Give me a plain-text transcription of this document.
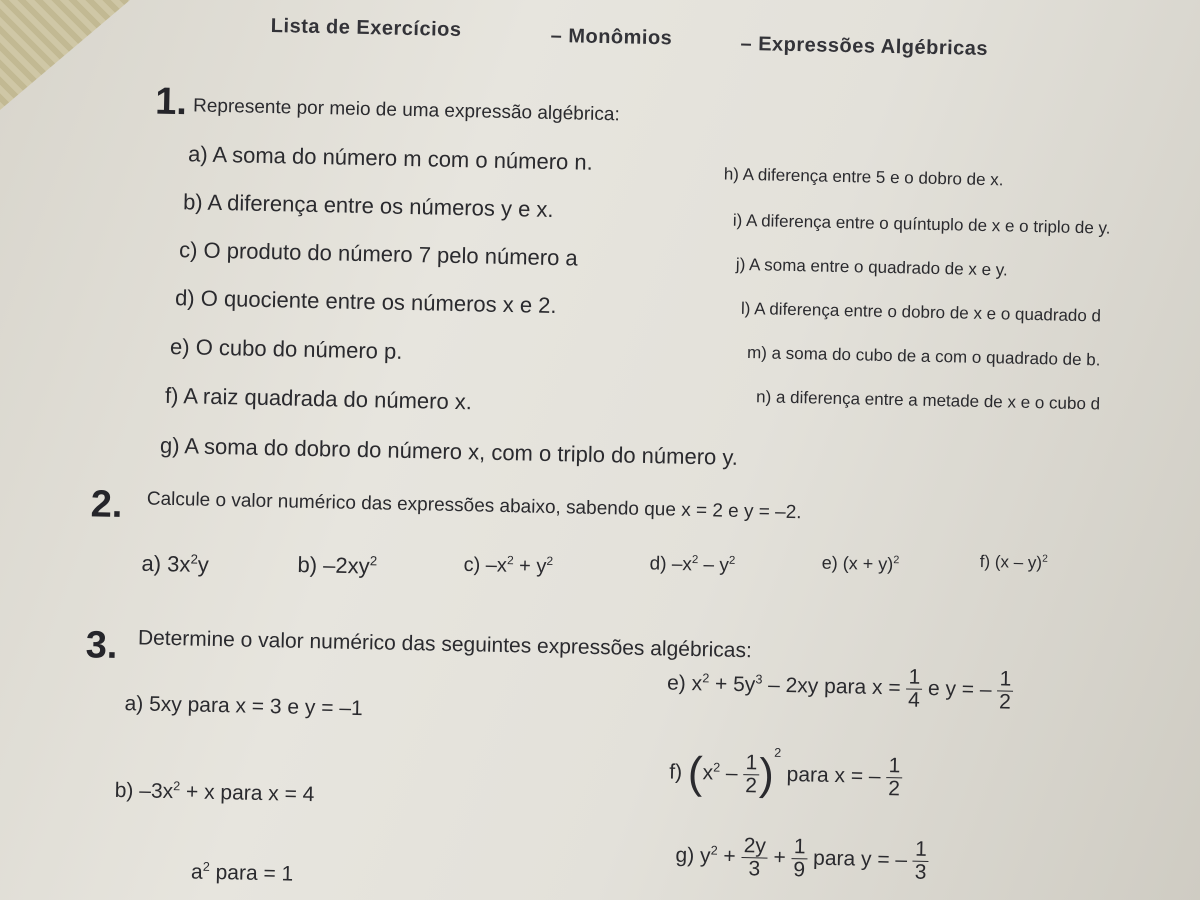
Lista de Exercícios	– Monômios	– Expressões Algébricas
1. Represente por meio de uma expressão algébrica:
a) A soma do número m com o número n.
b) A diferença entre os números y e x.
c) O produto do número 7 pelo número a
d) O quociente entre os números x e 2.
e) O cubo do número p.
f) A raiz quadrada do número x.
g) A soma do dobro do número x, com o triplo do número y.
h) A diferença entre 5 e o dobro de x.
i) A diferença entre o quíntuplo de x e o triplo de y.
j) A soma entre o quadrado de x e y.
l) A diferença entre o dobro de x e o quadrado d
m) a soma do cubo de a com o quadrado de b.
n) a diferença entre a metade de x e o cubo d
2. Calcule o valor numérico das expressões abaixo, sabendo que x = 2 e y = –2.
a) $3x^2y$	b) $-2xy^2$	c) $-x^2 + y^2$	d) $-x^2 - y^2$	e) $(x + y)^2$	f) (x – y)$^2$
3. Determine o valor numérico das seguintes expressões algébricas:
a) 5xy para x = 3 e y = –1
b) $-3x^2 + x$ para x = 4
$a^2$ para = 1
e) $x^2 + 5y^3 - 2xy$ para $x = \frac{1}{4}$ e y = – $\frac{1}{2}$
f) $(x^2 - \frac{1}{2} )^2$ para x = – $\frac{1}{2}$
g) $y^2 + \frac{2y}{3} + \frac{1}{9}$ para y = – $\frac{1}{3}$
